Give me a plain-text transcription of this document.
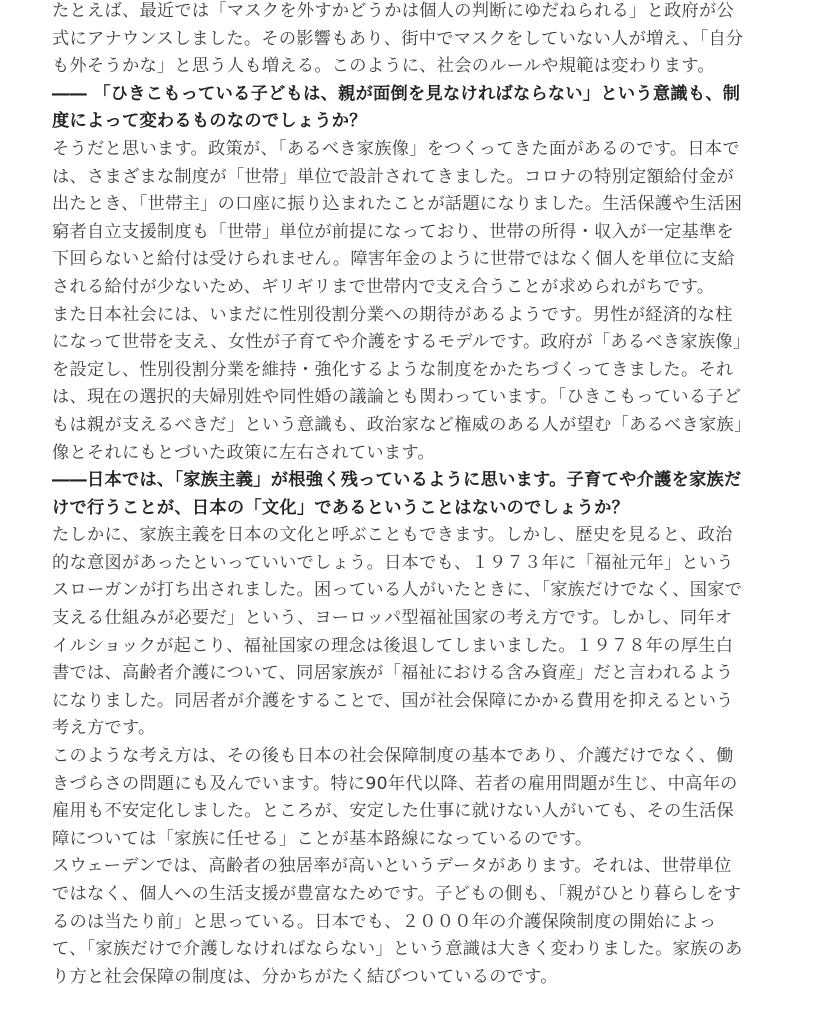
たとえば、最近では「マスクを外すかどうかは個人の判断にゆだねられる」と政府が公
式にアナウンスしました。その影響もあり、街中でマスクをしていない人が増え、「自分
も外そうかな」と思う人も増える。このように、社会のルールや規範は変わります。

―― 「ひきこもっている子どもは、親が面倒を見なければならない」という意識も、制
度によって変わるものなのでしょうか？

そうだと思います。政策が、「あるべき家族像」をつくってきた面があるのです。日本で
は、さまざまな制度が「世帯」単位で設計されてきました。コロナの特別定額給付金が
出たとき、「世帯主」の口座に振り込まれたことが話題になりました。生活保護や生活困
窮者自立支援制度も「世帯」単位が前提になっており、世帯の所得・収入が一定基準を
下回らないと給付は受けられません。障害年金のように世帯ではなく個人を単位に支給
される給付が少ないため、ギリギリまで世帯内で支え合うことが求められがちです。

また日本社会には、いまだに性別役割分業への期待があるようです。男性が経済的な柱
になって世帯を支え、女性が子育てや介護をするモデルです。政府が「あるべき家族像」
を設定し、性別役割分業を維持・強化するような制度をかたちづくってきました。それ
は、現在の選択的夫婦別姓や同性婚の議論とも関わっています。「ひきこもっている子ど
もは親が支えるべきだ」という意識も、政治家など権威のある人が望む「あるべき家族」
像とそれにもとづいた政策に左右されています。

――日本では、「家族主義」が根強く残っているように思います。子育てや介護を家族だ
けで行うことが、日本の「文化」であるということはないのでしょうか？

たしかに、家族主義を日本の文化と呼ぶこともできます。しかし、歴史を見ると、政治
的な意図があったといっていいでしょう。日本でも、１９７３年に「福祉元年」という
スローガンが打ち出されました。困っている人がいたときに、「家族だけでなく、国家で
支える仕組みが必要だ」という、ヨーロッパ型福祉国家の考え方です。しかし、同年オ
イルショックが起こり、福祉国家の理念は後退してしまいました。１９７８年の厚生白
書では、高齢者介護について、同居家族が「福祉における含み資産」だと言われるよう
になりました。同居者が介護をすることで、国が社会保障にかかる費用を抑えるという
考え方です。

このような考え方は、その後も日本の社会保障制度の基本であり、介護だけでなく、働
きづらさの問題にも及んでいます。特に90年代以降、若者の雇用問題が生じ、中高年の
雇用も不安定化しました。ところが、安定した仕事に就けない人がいても、その生活保
障については「家族に任せる」ことが基本路線になっているのです。

スウェーデンでは、高齢者の独居率が高いというデータがあります。それは、世帯単位
ではなく、個人への生活支援が豊富なためです。子どもの側も、「親がひとり暮らしをす
るのは当たり前」と思っている。日本でも、２０００年の介護保険制度の開始によっ
て、「家族だけで介護しなければならない」という意識は大きく変わりました。家族のあ
り方と社会保障の制度は、分かちがたく結びついているのです。
